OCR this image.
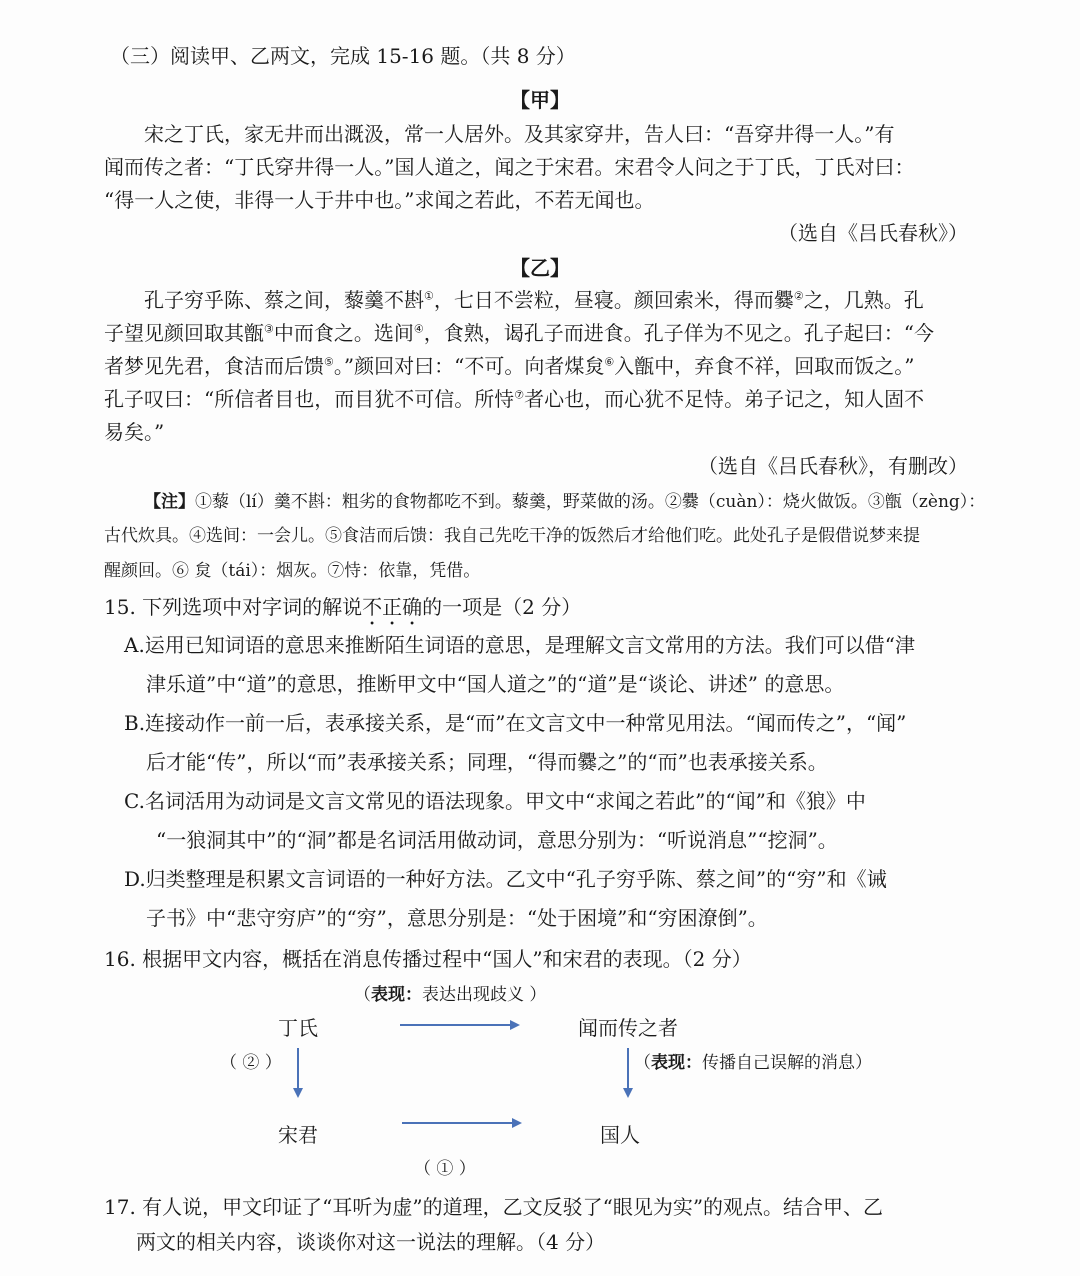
（三）阅读甲、乙两文，完成 15-16 题。（共 8 分）
【甲】
宋之丁氏，家无井而出溉汲，常一人居外。及其家穿井，告人曰：“吾穿井得一人。”有
闻而传之者：“丁氏穿井得一人。”国人道之，闻之于宋君。宋君令人问之于丁氏，丁氏对曰：
“得一人之使，非得一人于井中也。”求闻之若此，不若无闻也。
（选自《吕氏春秋》）
【乙】
孔子穷乎陈、蔡之间，藜羹不斟①，七日不尝粒，昼寝。颜回索米，得而爨②之，几熟。孔
子望见颜回取其甑③中而食之。选间④，食熟，谒孔子而进食。孔子佯为不见之。孔子起曰：“今
者梦见先君，食洁而后馈⑤。”颜回对曰：“不可。向者煤炱⑥入甑中，弃食不祥，回取而饭之。”
孔子叹曰：“所信者目也，而目犹不可信。所恃⑦者心也，而心犹不足恃。弟子记之，知人固不
易矣。”
（选自《吕氏春秋》，有删改）
【注】①藜（lí）羹不斟：粗劣的食物都吃不到。藜羹，野菜做的汤。②爨（cuàn）：烧火做饭。③甑（zèng）：
古代炊具。④选间：一会儿。⑤食洁而后馈：我自己先吃干净的饭然后才给他们吃。此处孔子是假借说梦来提
醒颜回。⑥ 炱（tái）：烟灰。⑦恃：依靠，凭借。
15. 下列选项中对字词的解说不正确的一项是（2 分）
A.运用已知词语的意思来推断陌生词语的意思，是理解文言文常用的方法。我们可以借“津
津乐道”中“道”的意思，推断甲文中“国人道之”的“道”是“谈论、讲述” 的意思。
B.连接动作一前一后，表承接关系，是“而”在文言文中一种常见用法。“闻而传之”，“闻”
后才能“传”，所以“而”表承接关系；同理，“得而爨之”的“而”也表承接关系。
C.名词活用为动词是文言文常见的语法现象。甲文中“求闻之若此”的“闻”和《狼》中
“一狼洞其中”的“洞”都是名词活用做动词，意思分别为：“听说消息”“挖洞”。
D.归类整理是积累文言词语的一种好方法。乙文中“孔子穷乎陈、蔡之间”的“穷”和《诫
子书》中“悲守穷庐”的“穷”，意思分别是：“处于困境”和“穷困潦倒”。
16. 根据甲文内容，概括在消息传播过程中“国人”和宋君的表现。（2 分）
（表现：表达出现歧义 ）
丁氏	闻而传之者
（ ② ）	（表现：传播自己误解的消息）
宋君	国人
（ ① ）
17. 有人说，甲文印证了“耳听为虚”的道理，乙文反驳了“眼见为实”的观点。结合甲、乙
两文的相关内容，谈谈你对这一说法的理解。（4 分）
